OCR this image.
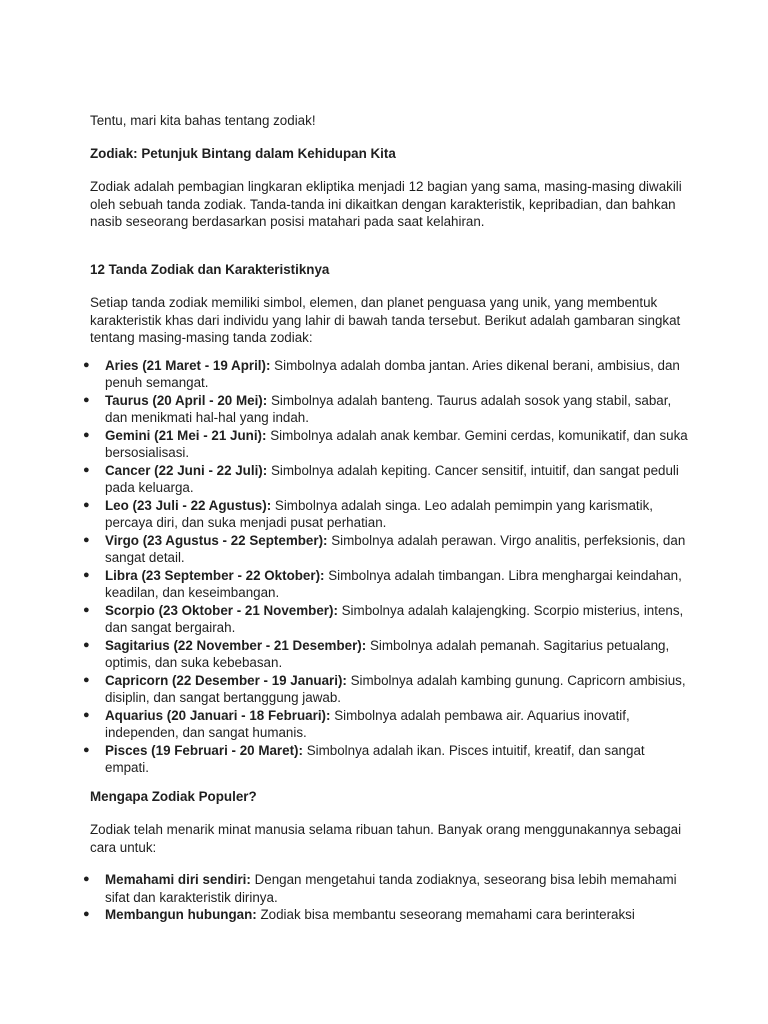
Tentu, mari kita bahas tentang zodiak!

Zodiak: Petunjuk Bintang dalam Kehidupan Kita

Zodiak adalah pembagian lingkaran ekliptika menjadi 12 bagian yang sama, masing-masing diwakili oleh sebuah tanda zodiak. Tanda-tanda ini dikaitkan dengan karakteristik, kepribadian, dan bahkan nasib seseorang berdasarkan posisi matahari pada saat kelahiran.

12 Tanda Zodiak dan Karakteristiknya

Setiap tanda zodiak memiliki simbol, elemen, dan planet penguasa yang unik, yang membentuk karakteristik khas dari individu yang lahir di bawah tanda tersebut. Berikut adalah gambaran singkat tentang masing-masing tanda zodiak:

● Aries (21 Maret - 19 April): Simbolnya adalah domba jantan. Aries dikenal berani, ambisius, dan penuh semangat.
● Taurus (20 April - 20 Mei): Simbolnya adalah banteng. Taurus adalah sosok yang stabil, sabar, dan menikmati hal-hal yang indah.
● Gemini (21 Mei - 21 Juni): Simbolnya adalah anak kembar. Gemini cerdas, komunikatif, dan suka bersosialisasi.
● Cancer (22 Juni - 22 Juli): Simbolnya adalah kepiting. Cancer sensitif, intuitif, dan sangat peduli pada keluarga.
● Leo (23 Juli - 22 Agustus): Simbolnya adalah singa. Leo adalah pemimpin yang karismatik, percaya diri, dan suka menjadi pusat perhatian.
● Virgo (23 Agustus - 22 September): Simbolnya adalah perawan. Virgo analitis, perfeksionis, dan sangat detail.
● Libra (23 September - 22 Oktober): Simbolnya adalah timbangan. Libra menghargai keindahan, keadilan, dan keseimbangan.
● Scorpio (23 Oktober - 21 November): Simbolnya adalah kalajengking. Scorpio misterius, intens, dan sangat bergairah.
● Sagitarius (22 November - 21 Desember): Simbolnya adalah pemanah. Sagitarius petualang, optimis, dan suka kebebasan.
● Capricorn (22 Desember - 19 Januari): Simbolnya adalah kambing gunung. Capricorn ambisius, disiplin, dan sangat bertanggung jawab.
● Aquarius (20 Januari - 18 Februari): Simbolnya adalah pembawa air. Aquarius inovatif, independen, dan sangat humanis.
● Pisces (19 Februari - 20 Maret): Simbolnya adalah ikan. Pisces intuitif, kreatif, dan sangat empati.

Mengapa Zodiak Populer?

Zodiak telah menarik minat manusia selama ribuan tahun. Banyak orang menggunakannya sebagai cara untuk:

● Memahami diri sendiri: Dengan mengetahui tanda zodiaknya, seseorang bisa lebih memahami sifat dan karakteristik dirinya.
● Membangun hubungan: Zodiak bisa membantu seseorang memahami cara berinteraksi
